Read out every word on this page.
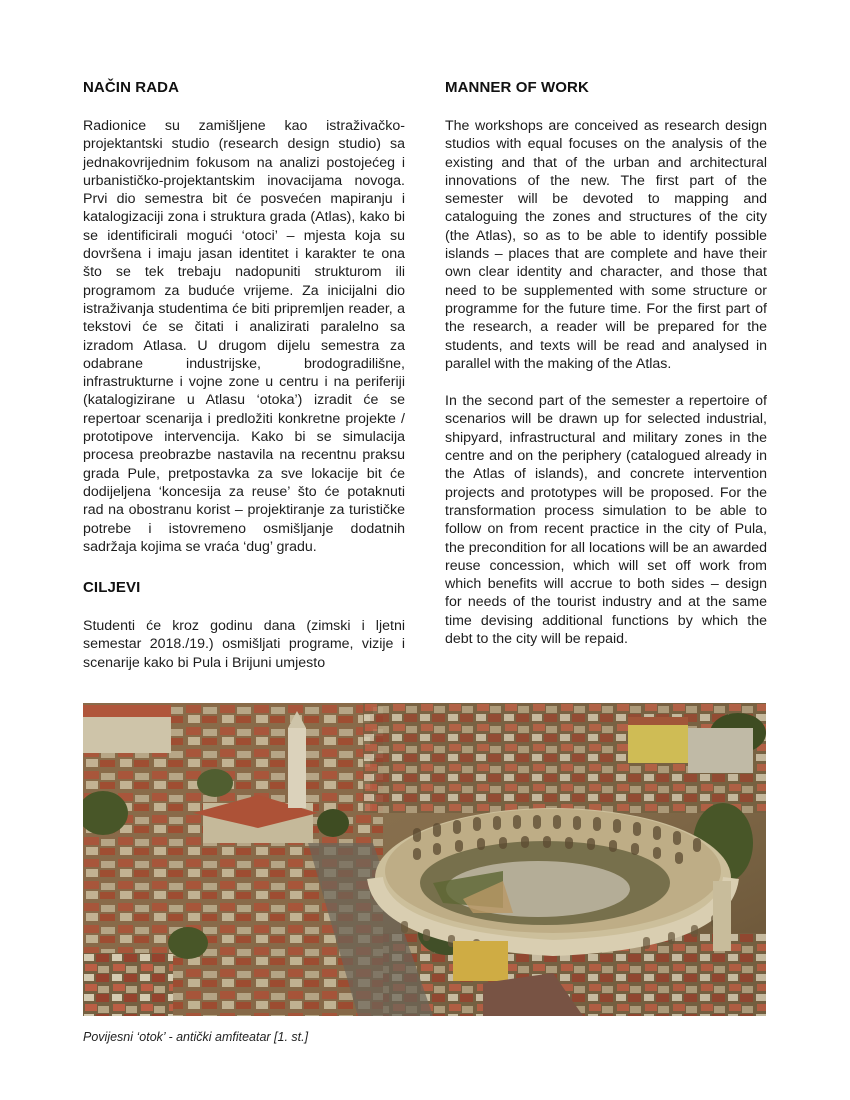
NAČIN RADA

Radionice su zamišljene kao istraživačko-projektantski studio (research design studio) sa jednakovrijednim fokusom na analizi postojećeg i urbanističko-projektantskim inovacijama novoga. Prvi dio semestra bit će posvećen mapiranju i katalogizaciji zona i struktura grada (Atlas), kako bi se identificirali mogući ‘otoci’ – mjesta koja su dovršena i imaju jasan identitet i karakter te ona što se tek trebaju nadopuniti strukturom ili programom za buduće vrijeme. Za inicijalni dio istraživanja studentima će biti pripremljen reader, a tekstovi će se čitati i analizirati paralelno sa izradom Atlasa. U drugom dijelu semestra za odabrane industrijske, brodogradilišne, infrastrukturne i vojne zone u centru i na periferiji (katalogizirane u Atlasu ‘otoka’) izradit će se repertoar scenarija i predložiti konkretne projekte / prototipove intervencija. Kako bi se simulacija procesa preobrazbe nastavila na recentnu praksu grada Pule, pretpostavka za sve lokacije bit će dodijeljena ‘koncesija za reuse’ što će potaknuti rad na obostranu korist – projektiranje za turističke potrebe i istovremeno osmišljanje dodatnih sadržaja kojima se vraća ‘dug’ gradu.

CILJEVI

Studenti će kroz godinu dana (zimski i ljetni semestar 2018./19.) osmišljati programe, vizije i scenarije kako bi Pula i Brijuni umjesto

MANNER OF WORK

The workshops are conceived as research design studios with equal focuses on the analysis of the existing and that of the urban and architectural innovations of the new. The first part of the semester will be devoted to mapping and cataloguing the zones and structures of the city (the Atlas), so as to be able to identify possible islands – places that are complete and have their own clear identity and character, and those that need to be supplemented with some structure or programme for the future time. For the first part of the research, a reader will be prepared for the students, and texts will be read and analysed in parallel with the making of the Atlas.

In the second part of the semester a repertoire of scenarios will be drawn up for selected industrial, shipyard, infrastructural and military zones in the centre and on the periphery (catalogued already in the Atlas of islands), and concrete intervention projects and prototypes will be proposed. For the transformation process simulation to be able to follow on from recent practice in the city of Pula, the precondition for all locations will be an awarded reuse concession, which will set off work from which benefits will accrue to both sides – design for needs of the tourist industry and at the same time devising additional functions by which the debt to the city will be repaid.

Povijesni ‘otok’ - antički amfiteatar [1. st.]
